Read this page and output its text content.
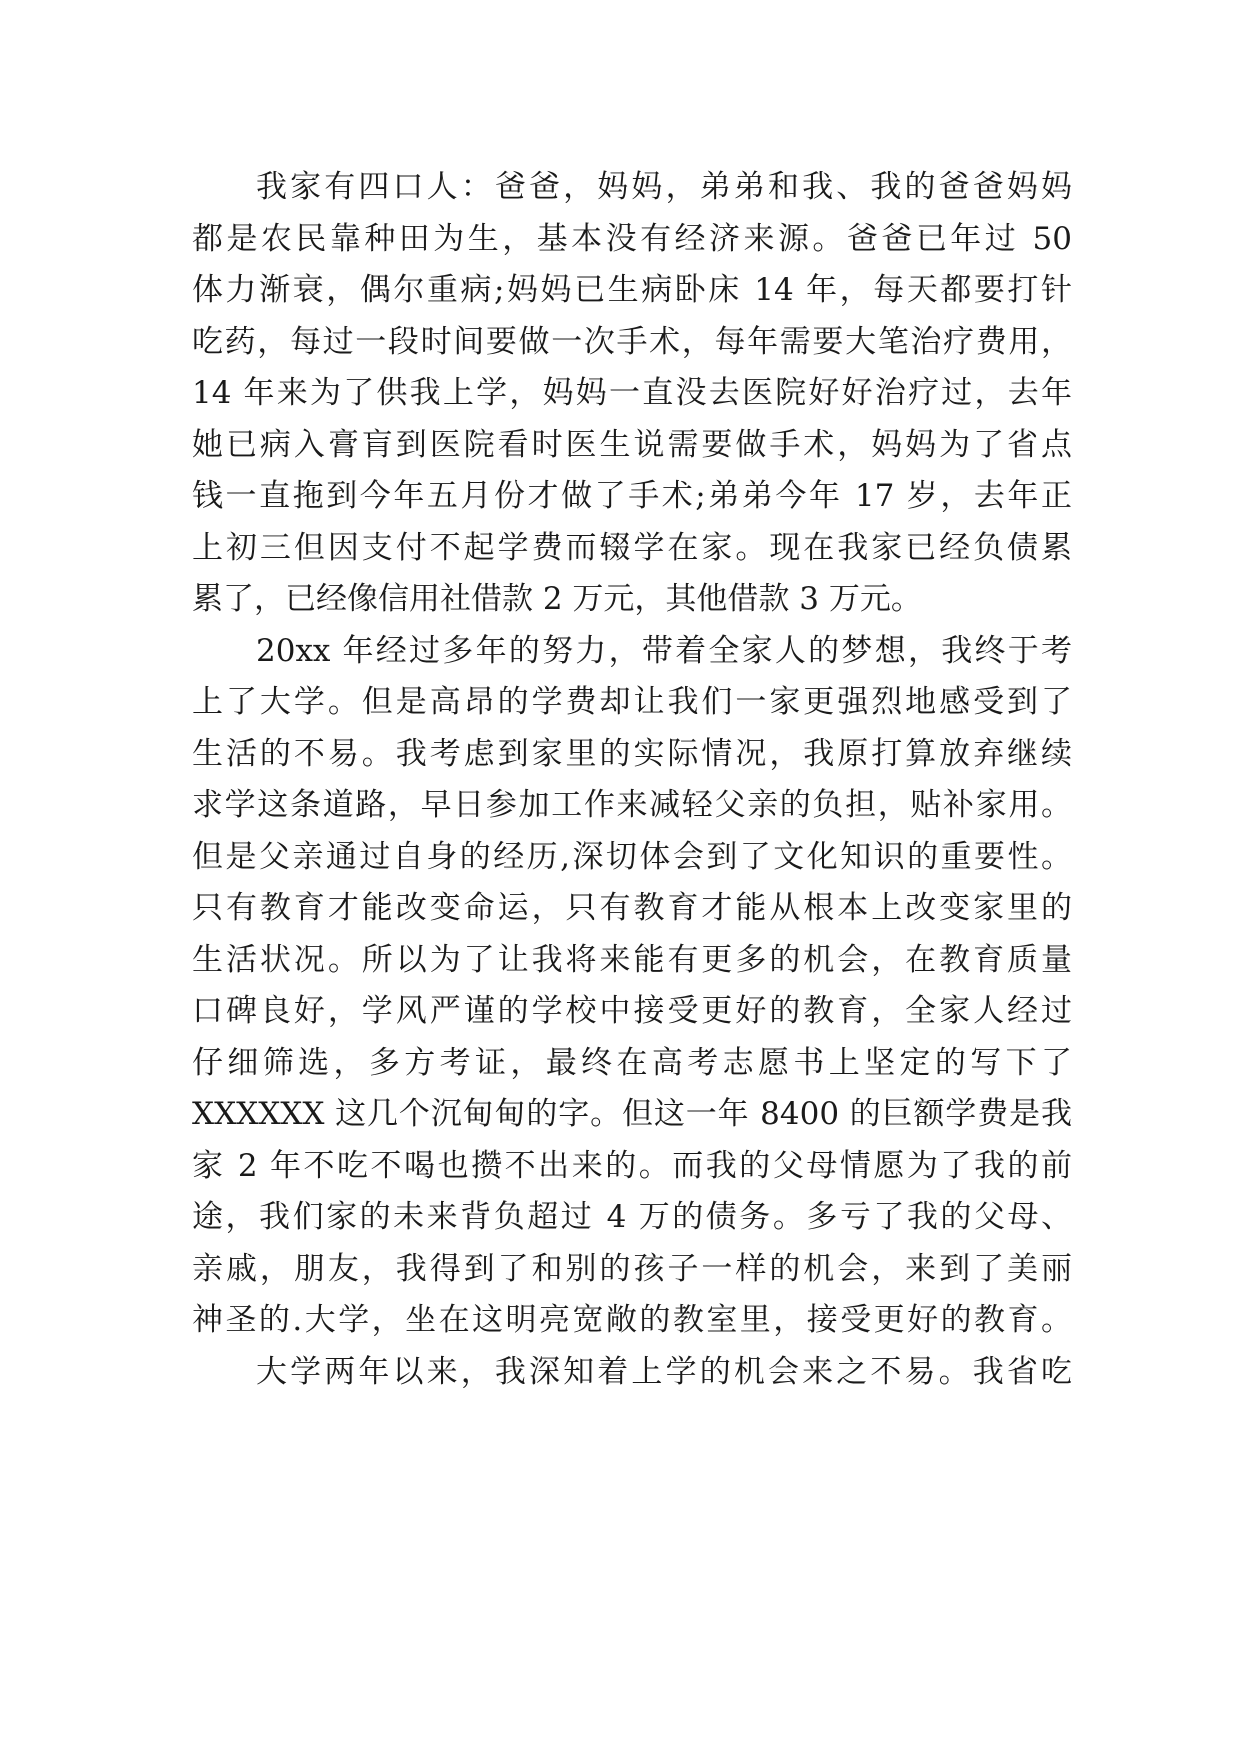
我家有四口人：爸爸，妈妈，弟弟和我、我的爸爸妈妈
都是农民靠种田为生，基本没有经济来源。爸爸已年过 50
体力渐衰，偶尔重病;妈妈已生病卧床 14 年，每天都要打针
吃药，每过一段时间要做一次手术，每年需要大笔治疗费用，
14 年来为了供我上学，妈妈一直没去医院好好治疗过，去年
她已病入膏肓到医院看时医生说需要做手术，妈妈为了省点
钱一直拖到今年五月份才做了手术;弟弟今年 17 岁，去年正
上初三但因支付不起学费而辍学在家。现在我家已经负债累
累了，已经像信用社借款 2 万元，其他借款 3 万元。
20xx 年经过多年的努力，带着全家人的梦想，我终于考
上了大学。但是高昂的学费却让我们一家更强烈地感受到了
生活的不易。我考虑到家里的实际情况，我原打算放弃继续
求学这条道路，早日参加工作来减轻父亲的负担，贴补家用。
但是父亲通过自身的经历,深切体会到了文化知识的重要性。
只有教育才能改变命运，只有教育才能从根本上改变家里的
生活状况。所以为了让我将来能有更多的机会，在教育质量
口碑良好，学风严谨的学校中接受更好的教育，全家人经过
仔细筛选，多方考证，最终在高考志愿书上坚定的写下了
XXXXXX 这几个沉甸甸的字。但这一年 8400 的巨额学费是我
家 2 年不吃不喝也攒不出来的。而我的父母情愿为了我的前
途，我们家的未来背负超过 4 万的债务。多亏了我的父母、
亲戚，朋友，我得到了和别的孩子一样的机会，来到了美丽
神圣的.大学，坐在这明亮宽敞的教室里，接受更好的教育。
大学两年以来，我深知着上学的机会来之不易。我省吃
